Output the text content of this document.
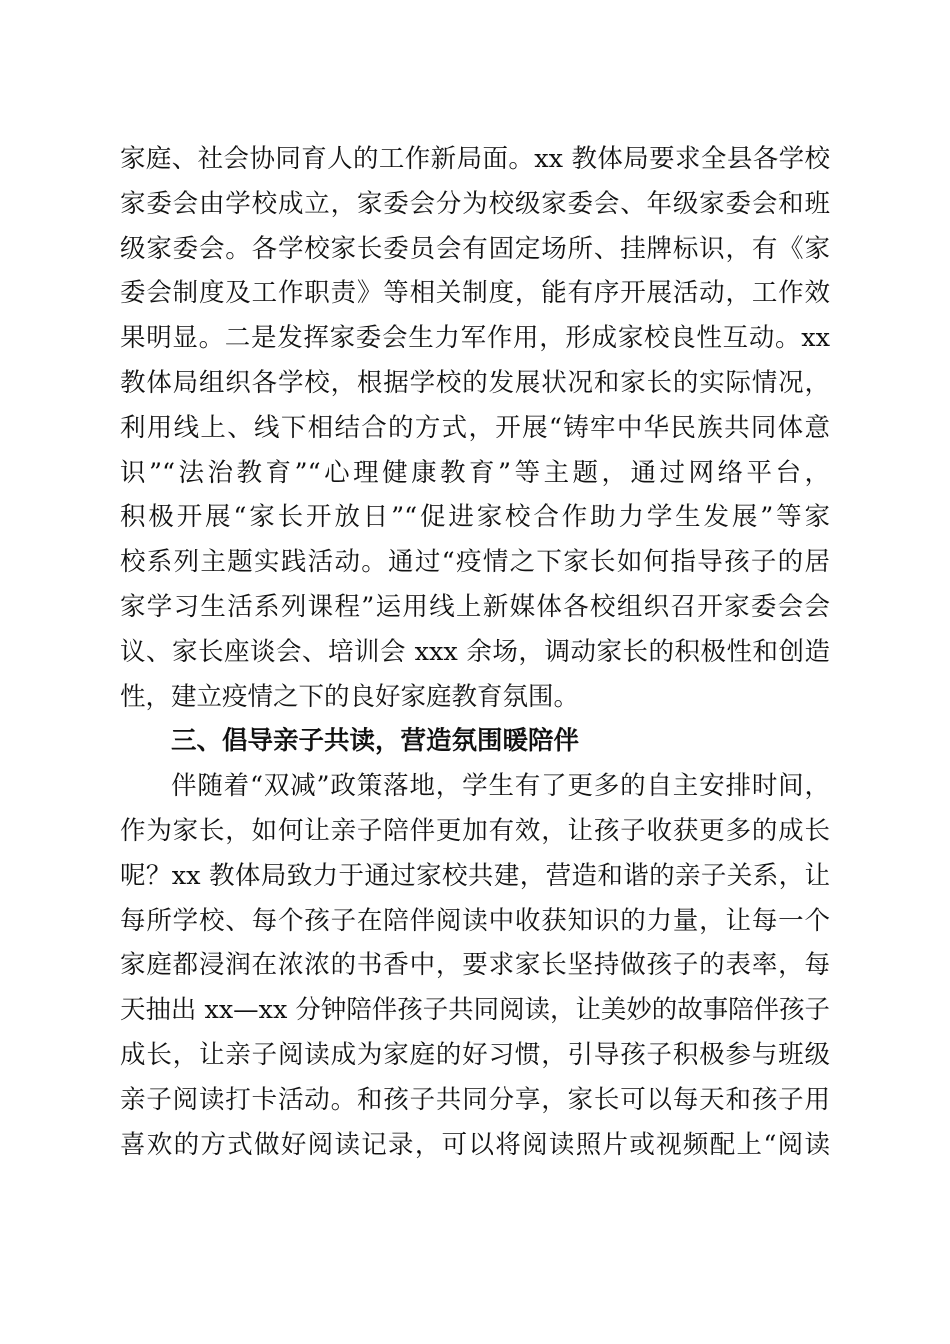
家庭、社会协同育人的工作新局面。xx 教体局要求全县各学校
家委会由学校成立，家委会分为校级家委会、年级家委会和班
级家委会。各学校家长委员会有固定场所、挂牌标识，有《家
委会制度及工作职责》等相关制度，能有序开展活动，工作效
果明显。二是发挥家委会生力军作用，形成家校良性互动。xx
教体局组织各学校，根据学校的发展状况和家长的实际情况，
利用线上、线下相结合的方式，开展“铸牢中华民族共同体意
识”“法治教育”“心理健康教育”等主题，通过网络平台，
积极开展“家长开放日”“促进家校合作助力学生发展”等家
校系列主题实践活动。通过“疫情之下家长如何指导孩子的居
家学习生活系列课程”运用线上新媒体各校组织召开家委会会
议、家长座谈会、培训会 xxx 余场，调动家长的积极性和创造
性，建立疫情之下的良好家庭教育氛围。
三、倡导亲子共读，营造氛围暖陪伴
伴随着“双减”政策落地，学生有了更多的自主安排时间，
作为家长，如何让亲子陪伴更加有效，让孩子收获更多的成长
呢？xx 教体局致力于通过家校共建，营造和谐的亲子关系，让
每所学校、每个孩子在陪伴阅读中收获知识的力量，让每一个
家庭都浸润在浓浓的书香中，要求家长坚持做孩子的表率，每
天抽出 xx—xx 分钟陪伴孩子共同阅读，让美妙的故事陪伴孩子
成长，让亲子阅读成为家庭的好习惯，引导孩子积极参与班级
亲子阅读打卡活动。和孩子共同分享，家长可以每天和孩子用
喜欢的方式做好阅读记录，可以将阅读照片或视频配上“阅读
